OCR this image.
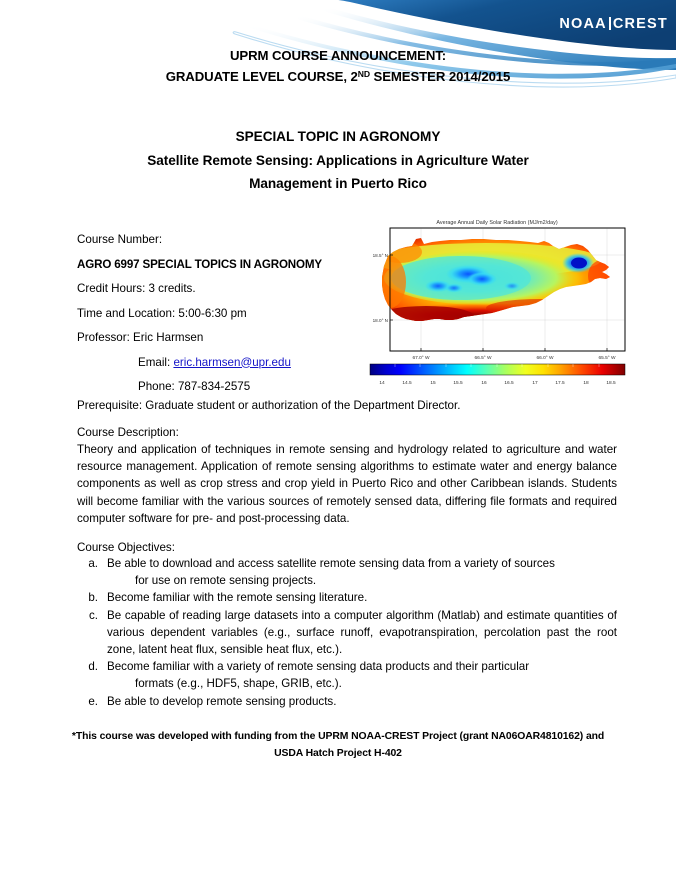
NOAA CREST
UPRM COURSE ANNOUNCEMENT:
GRADUATE LEVEL COURSE, 2ND SEMESTER 2014/2015
SPECIAL TOPIC IN AGRONOMY
Satellite Remote Sensing: Applications in Agriculture Water
Management in Puerto Rico
Course Number:
AGRO 6997 SPECIAL TOPICS IN AGRONOMY
Credit Hours: 3 credits.
Time and Location: 5:00-6:30 pm
Professor: Eric Harmsen
Email: eric.harmsen@upr.edu
Phone: 787-834-2575
Average Annual Daily Solar Radiation (MJ/m2/day)
18.5° N
18.0° N
67.0° W	66.5° W	66.0° W	65.5° W
14	14.5	15	15.5	16	16.5	17	17.5	18	18.5
Prerequisite: Graduate student or authorization of the Department Director.
Course Description:
Theory and application of techniques in remote sensing and hydrology related to agriculture and water resource management. Application of remote sensing algorithms to estimate water and energy balance components as well as crop stress and crop yield in Puerto Rico and other Caribbean islands. Students will become familiar with the various sources of remotely sensed data, differing file formats and required computer software for pre- and post-processing data.
Course Objectives:
a. Be able to download and access satellite remote sensing data from a variety of sources
for use on remote sensing projects.
b. Become familiar with the remote sensing literature.
c. Be capable of reading large datasets into a computer algorithm (Matlab) and estimate quantities of various dependent variables (e.g., surface runoff, evapotranspiration, percolation past the root zone, latent heat flux, sensible heat flux, etc.).
d. Become familiar with a variety of remote sensing data products and their particular
formats (e.g., HDF5, shape, GRIB, etc.).
e. Be able to develop remote sensing products.
*This course was developed with funding from the UPRM NOAA-CREST Project (grant NA06OAR4810162) and
USDA Hatch Project H-402
